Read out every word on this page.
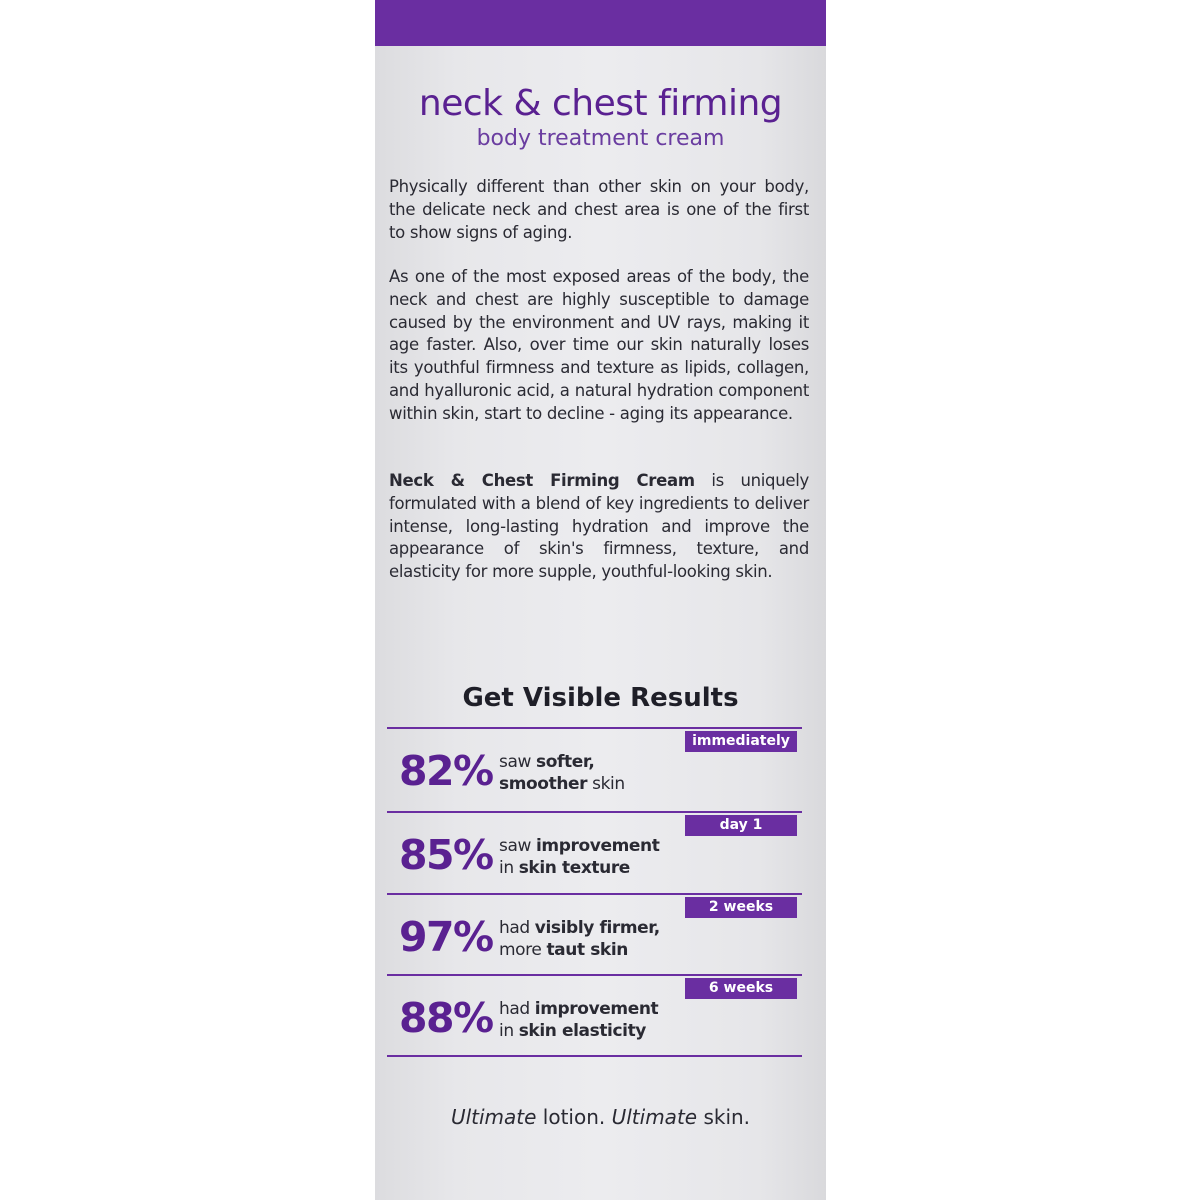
neck & chest firming
body treatment cream

Physically different than other skin on your body, the delicate neck and chest area is one of the first to show signs of aging.

As one of the most exposed areas of the body, the neck and chest are highly susceptible to damage caused by the environment and UV rays, making it age faster. Also, over time our skin naturally loses its youthful firmness and texture as lipids, collagen, and hyalluronic acid, a natural hydration component within skin, start to decline - aging its appearance.

Neck & Chest Firming Cream is uniquely formulated with a blend of key ingredients to deliver intense, long-lasting hydration and improve the appearance of skin's firmness, texture, and elasticity for more supple, youthful-looking skin.

Get Visible Results
immediately
82% saw softer,
smoother skin
day 1
85% saw improvement
in skin texture
2 weeks
97% had visibly firmer,
more taut skin
6 weeks
88% had improvement
in skin elasticity
Ultimate lotion. Ultimate skin.
